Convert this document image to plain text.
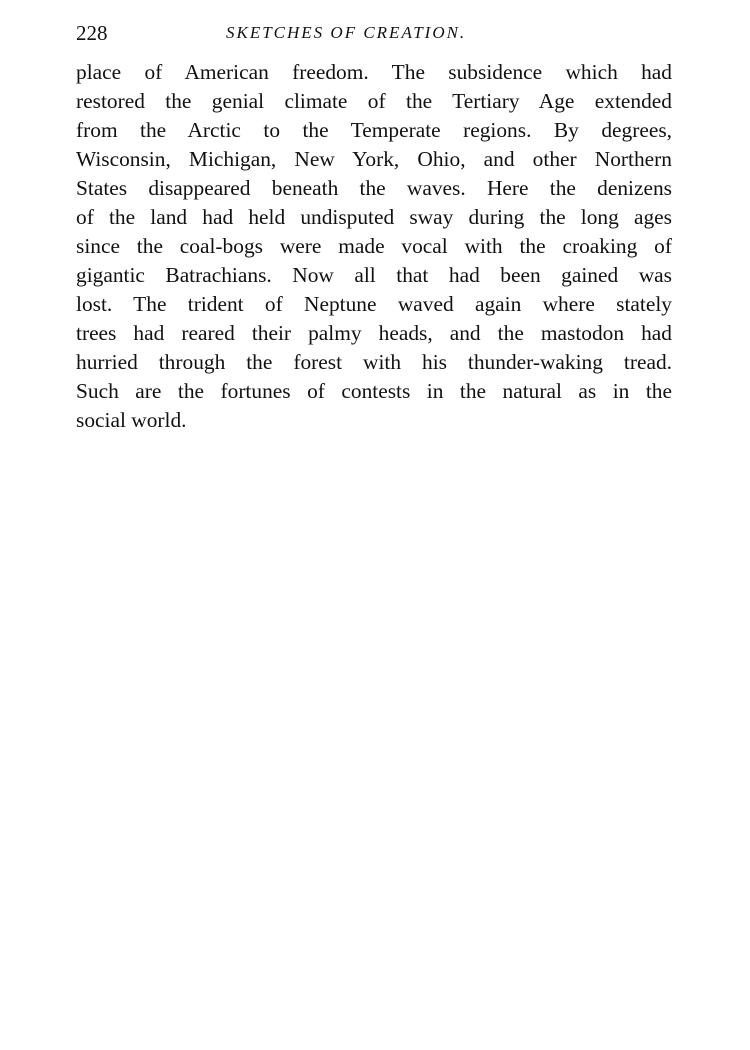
228	SKETCHES OF CREATION.
place of American freedom. The subsidence which had
restored the genial climate of the Tertiary Age extended
from the Arctic to the Temperate regions. By degrees,
Wisconsin, Michigan, New York, Ohio, and other Northern
States disappeared beneath the waves. Here the denizens
of the land had held undisputed sway during the long ages
since the coal-bogs were made vocal with the croaking of
gigantic Batrachians. Now all that had been gained was
lost. The trident of Neptune waved again where stately
trees had reared their palmy heads, and the mastodon had
hurried through the forest with his thunder-waking tread.
Such are the fortunes of contests in the natural as in the
social world.
